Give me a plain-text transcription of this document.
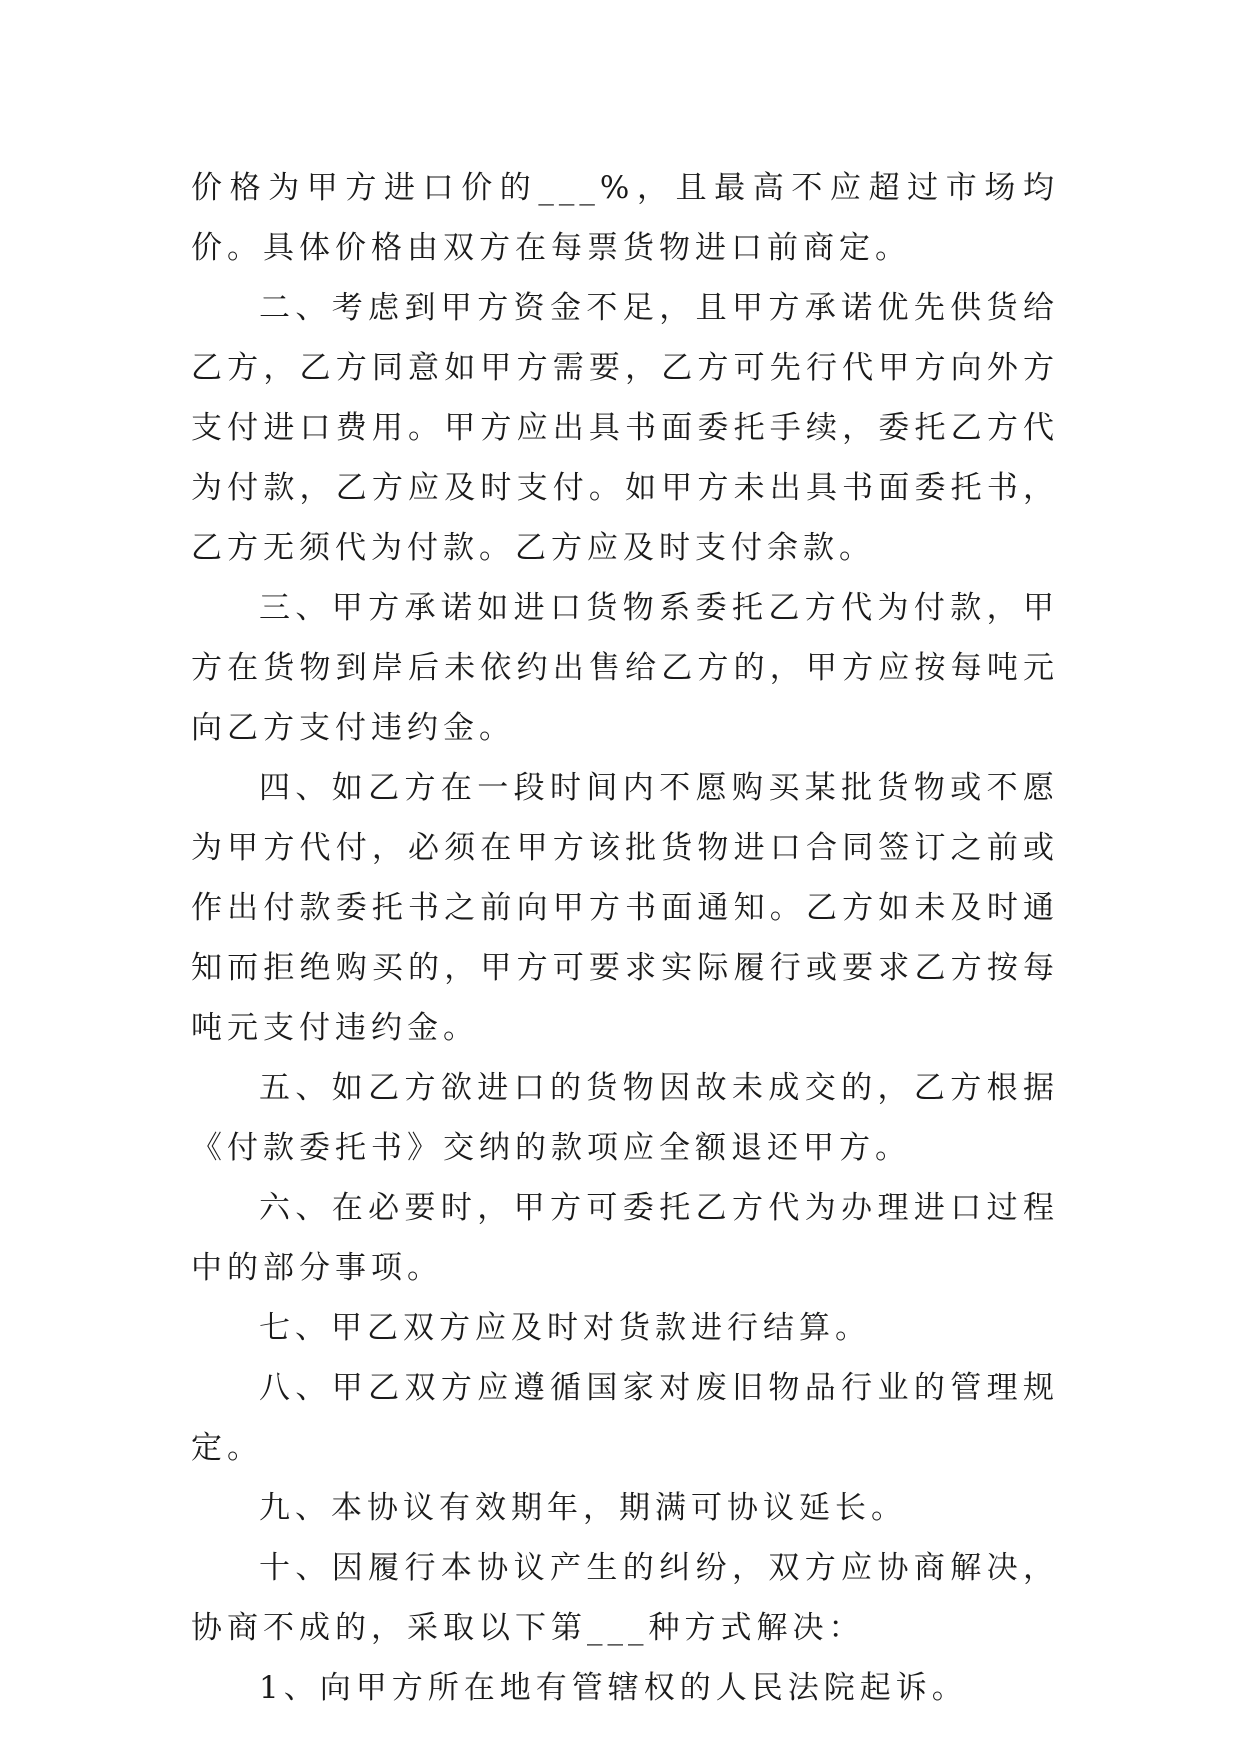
价格为甲方进口价的___%，且最高不应超过市场均价。具体价格由双方在每票货物进口前商定。

二、考虑到甲方资金不足，且甲方承诺优先供货给乙方，乙方同意如甲方需要，乙方可先行代甲方向外方支付进口费用。甲方应出具书面委托手续，委托乙方代为付款，乙方应及时支付。如甲方未出具书面委托书，乙方无须代为付款。乙方应及时支付余款。

三、甲方承诺如进口货物系委托乙方代为付款，甲方在货物到岸后未依约出售给乙方的，甲方应按每吨元向乙方支付违约金。

四、如乙方在一段时间内不愿购买某批货物或不愿为甲方代付，必须在甲方该批货物进口合同签订之前或作出付款委托书之前向甲方书面通知。乙方如未及时通知而拒绝购买的，甲方可要求实际履行或要求乙方按每吨元支付违约金。

五、如乙方欲进口的货物因故未成交的，乙方根据《付款委托书》交纳的款项应全额退还甲方。

六、在必要时，甲方可委托乙方代为办理进口过程中的部分事项。

七、甲乙双方应及时对货款进行结算。

八、甲乙双方应遵循国家对废旧物品行业的管理规定。

九、本协议有效期年，期满可协议延长。

十、因履行本协议产生的纠纷，双方应协商解决，协商不成的，采取以下第___种方式解决：

1、向甲方所在地有管辖权的人民法院起诉。
